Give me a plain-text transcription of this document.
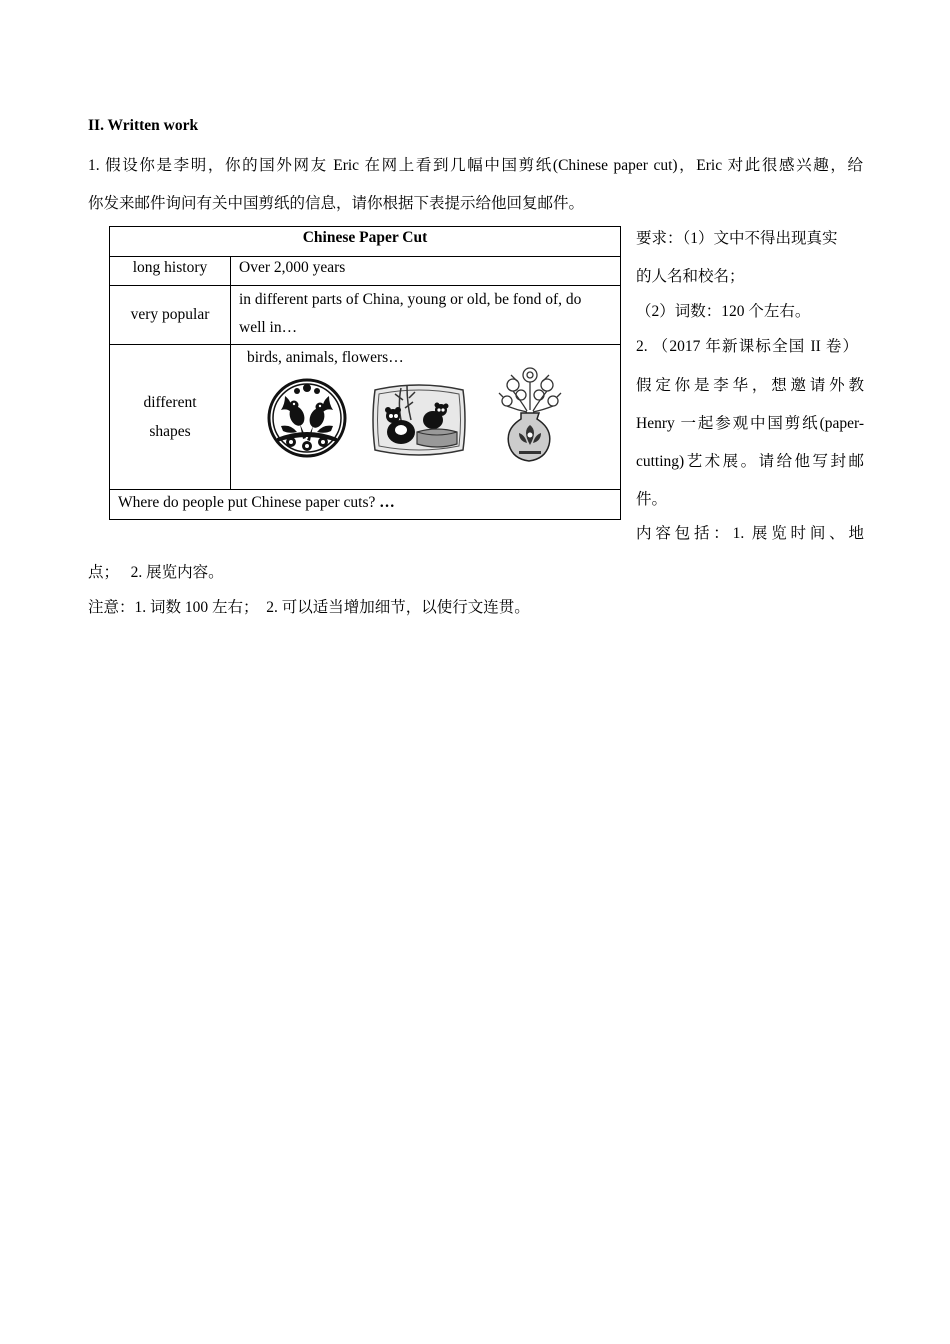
II. Written work
1. 假设你是李明，你的国外网友 Eric 在网上看到几幅中国剪纸(Chinese paper cut)，Eric 对此很感兴趣，给
你发来邮件询问有关中国剪纸的信息，请你根据下表提示给他回复邮件。
Chinese Paper Cut	
long history	Over 2,000 years
very popular	in different parts of China, young or old, be fond of, do
well in…

different
shapes	birds, animals, flowers…

Where do people put Chinese paper cuts? …	
要求：（1）文中不得出现真实
的人名和校名；
（2）词数：120 个左右。
2. （2017 年新课标全国 II 卷）
假定你是李华，想邀请外教
Henry 一起参观中国剪纸(paper-
cutting)艺术展。请给他写封邮
件。
内容包括：1. 展览时间、地
点；　 2. 展览内容。
注意：1. 词数 100 左右；　2. 可以适当增加细节，以使行文连贯。
